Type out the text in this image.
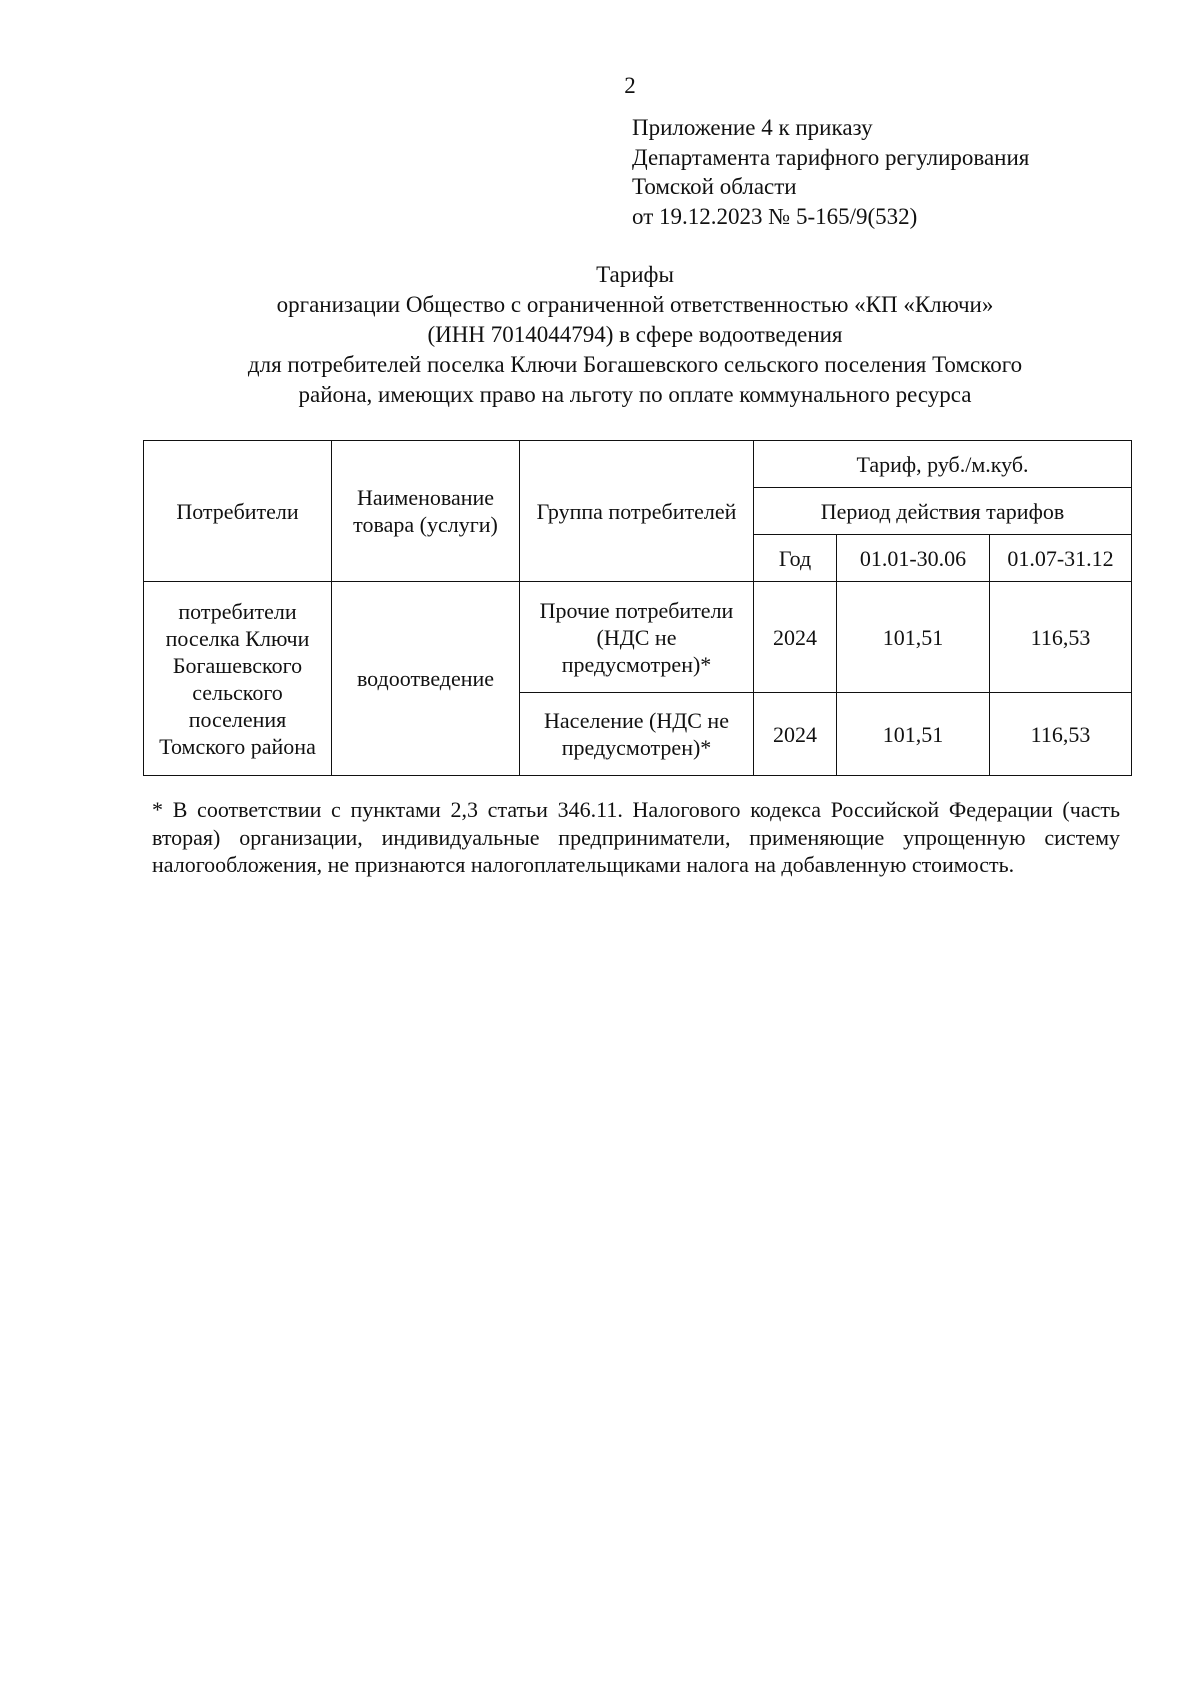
2
Приложение 4 к приказу
Департамента тарифного регулирования
Томской области
от 19.12.2023 № 5-165/9(532)
Тарифы
организации Общество с ограниченной ответственностью «КП «Ключи»
(ИНН 7014044794) в сфере водоотведения
для потребителей поселка Ключи Богашевского сельского поселения Томского
района, имеющих право на льготу по оплате коммунального ресурса
Потребители	Наименование товара (услуги)	Группа потребителей	Тариф, руб./м.куб.		
			Период действия тарифов		
			Год	01.01-30.06	01.07-31.12
потребители поселка Ключи Богашевского сельского поселения Томского района	водоотведение	Прочие потребители (НДС не предусмотрен)*	2024	101,51	116,53
		Население (НДС не предусмотрен)*	2024	101,51	116,53
* В соответствии с пунктами 2,3 статьи 346.11. Налогового кодекса Российской Федерации (часть вторая) организации, индивидуальные предприниматели, применяющие упрощенную систему налогообложения, не признаются налогоплательщиками налога на добавленную стоимость.
